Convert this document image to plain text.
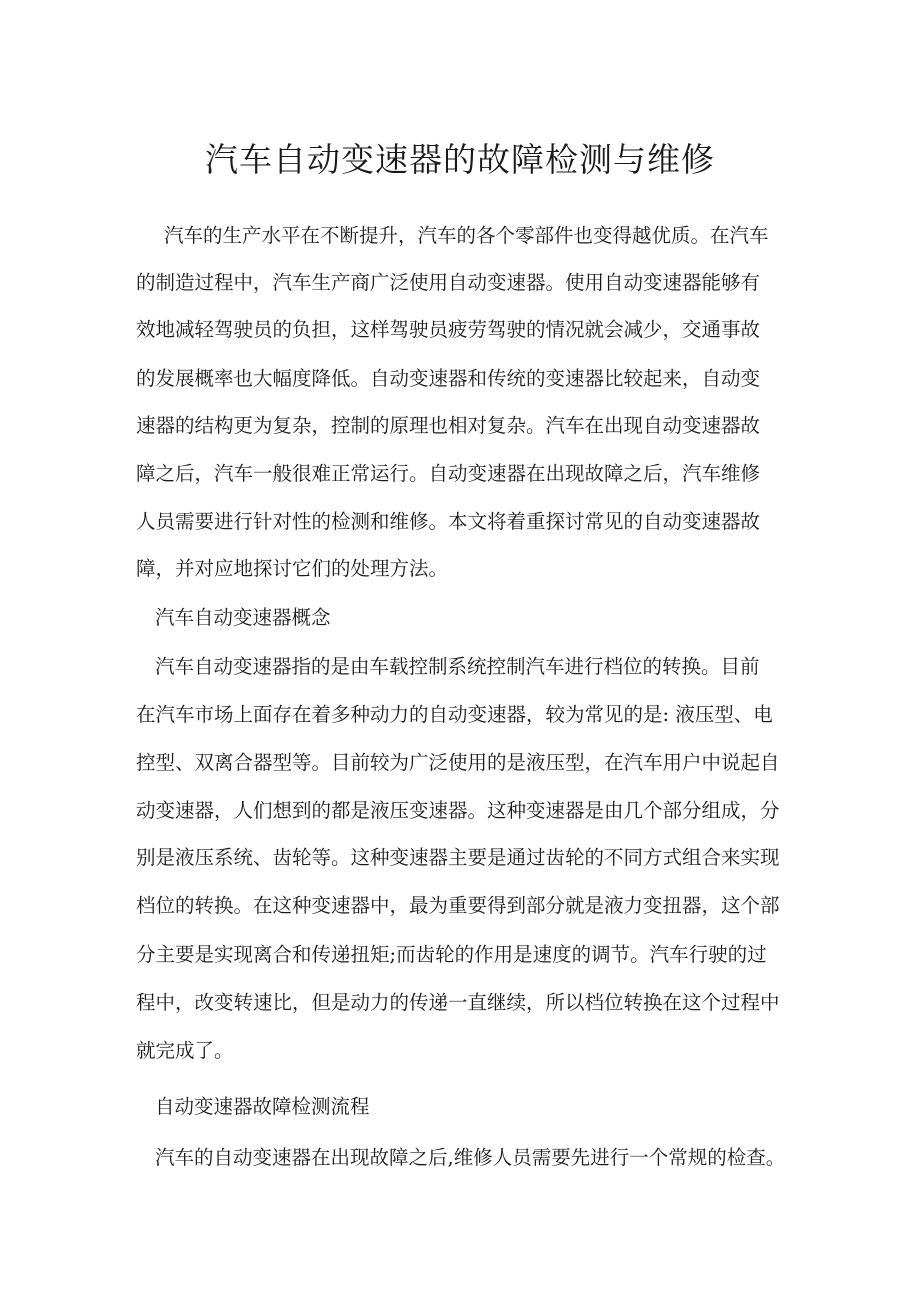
汽车自动变速器的故障检测与维修

汽车的生产水平在不断提升，汽车的各个零部件也变得越优质。在汽车

的制造过程中，汽车生产商广泛使用自动变速器。使用自动变速器能够有

效地减轻驾驶员的负担，这样驾驶员疲劳驾驶的情况就会减少，交通事故

的发展概率也大幅度降低。自动变速器和传统的变速器比较起来，自动变

速器的结构更为复杂，控制的原理也相对复杂。汽车在出现自动变速器故

障之后，汽车一般很难正常运行。自动变速器在出现故障之后，汽车维修

人员需要进行针对性的检测和维修。本文将着重探讨常见的自动变速器故

障，并对应地探讨它们的处理方法。

汽车自动变速器概念

汽车自动变速器指的是由车载控制系统控制汽车进行档位的转换。目前

在汽车市场上面存在着多种动力的自动变速器，较为常见的是: 液压型、电

控型、双离合器型等。目前较为广泛使用的是液压型，在汽车用户中说起自

动变速器，人们想到的都是液压变速器。这种变速器是由几个部分组成，分

别是液压系统、齿轮等。这种变速器主要是通过齿轮的不同方式组合来实现

档位的转换。在这种变速器中，最为重要得到部分就是液力变扭器，这个部

分主要是实现离合和传递扭矩;而齿轮的作用是速度的调节。汽车行驶的过

程中，改变转速比，但是动力的传递一直继续，所以档位转换在这个过程中

就完成了。

自动变速器故障检测流程

汽车的自动变速器在出现故障之后,维修人员需要先进行一个常规的检查。
